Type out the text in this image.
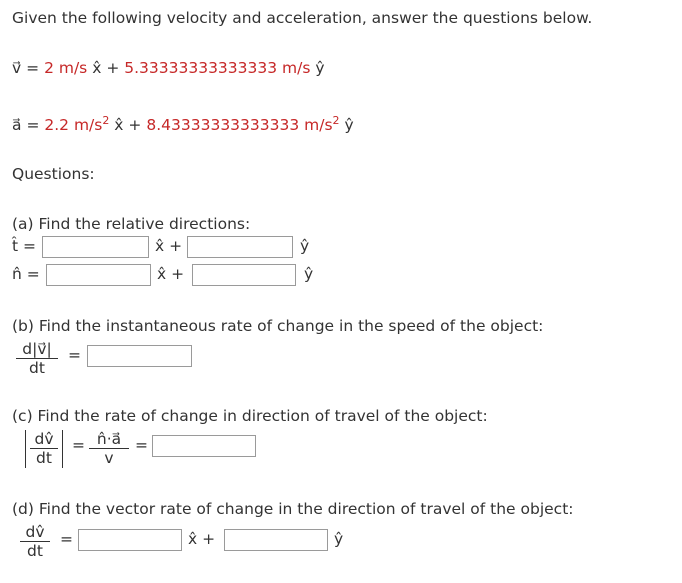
Given the following velocity and acceleration, answer the questions below.
v⃗ = 2 m/s x̂ + 5.33333333333333 m/s ŷ
a⃗ = 2.2 $m/s^2$ x̂ + 8.43333333333333 $m/s^2$ ŷ
Questions:
(a) Find the relative directions:
t̂ =	x̂ +	ŷ
n̂ =	x̂ +	ŷ
(b) Find the instantaneous rate of change in the speed of the object:
$\frac{d|v⃗|}{dt}$ =
(c) Find the rate of change in direction of travel of the object:
$\frac{dv̂}{dt} = \frac{n̂\cdot a⃗}{v}$ =
(d) Find the vector rate of change in the direction of travel of the object:
$\frac{dv̂}{dt}$ =	x̂ +	ŷ
